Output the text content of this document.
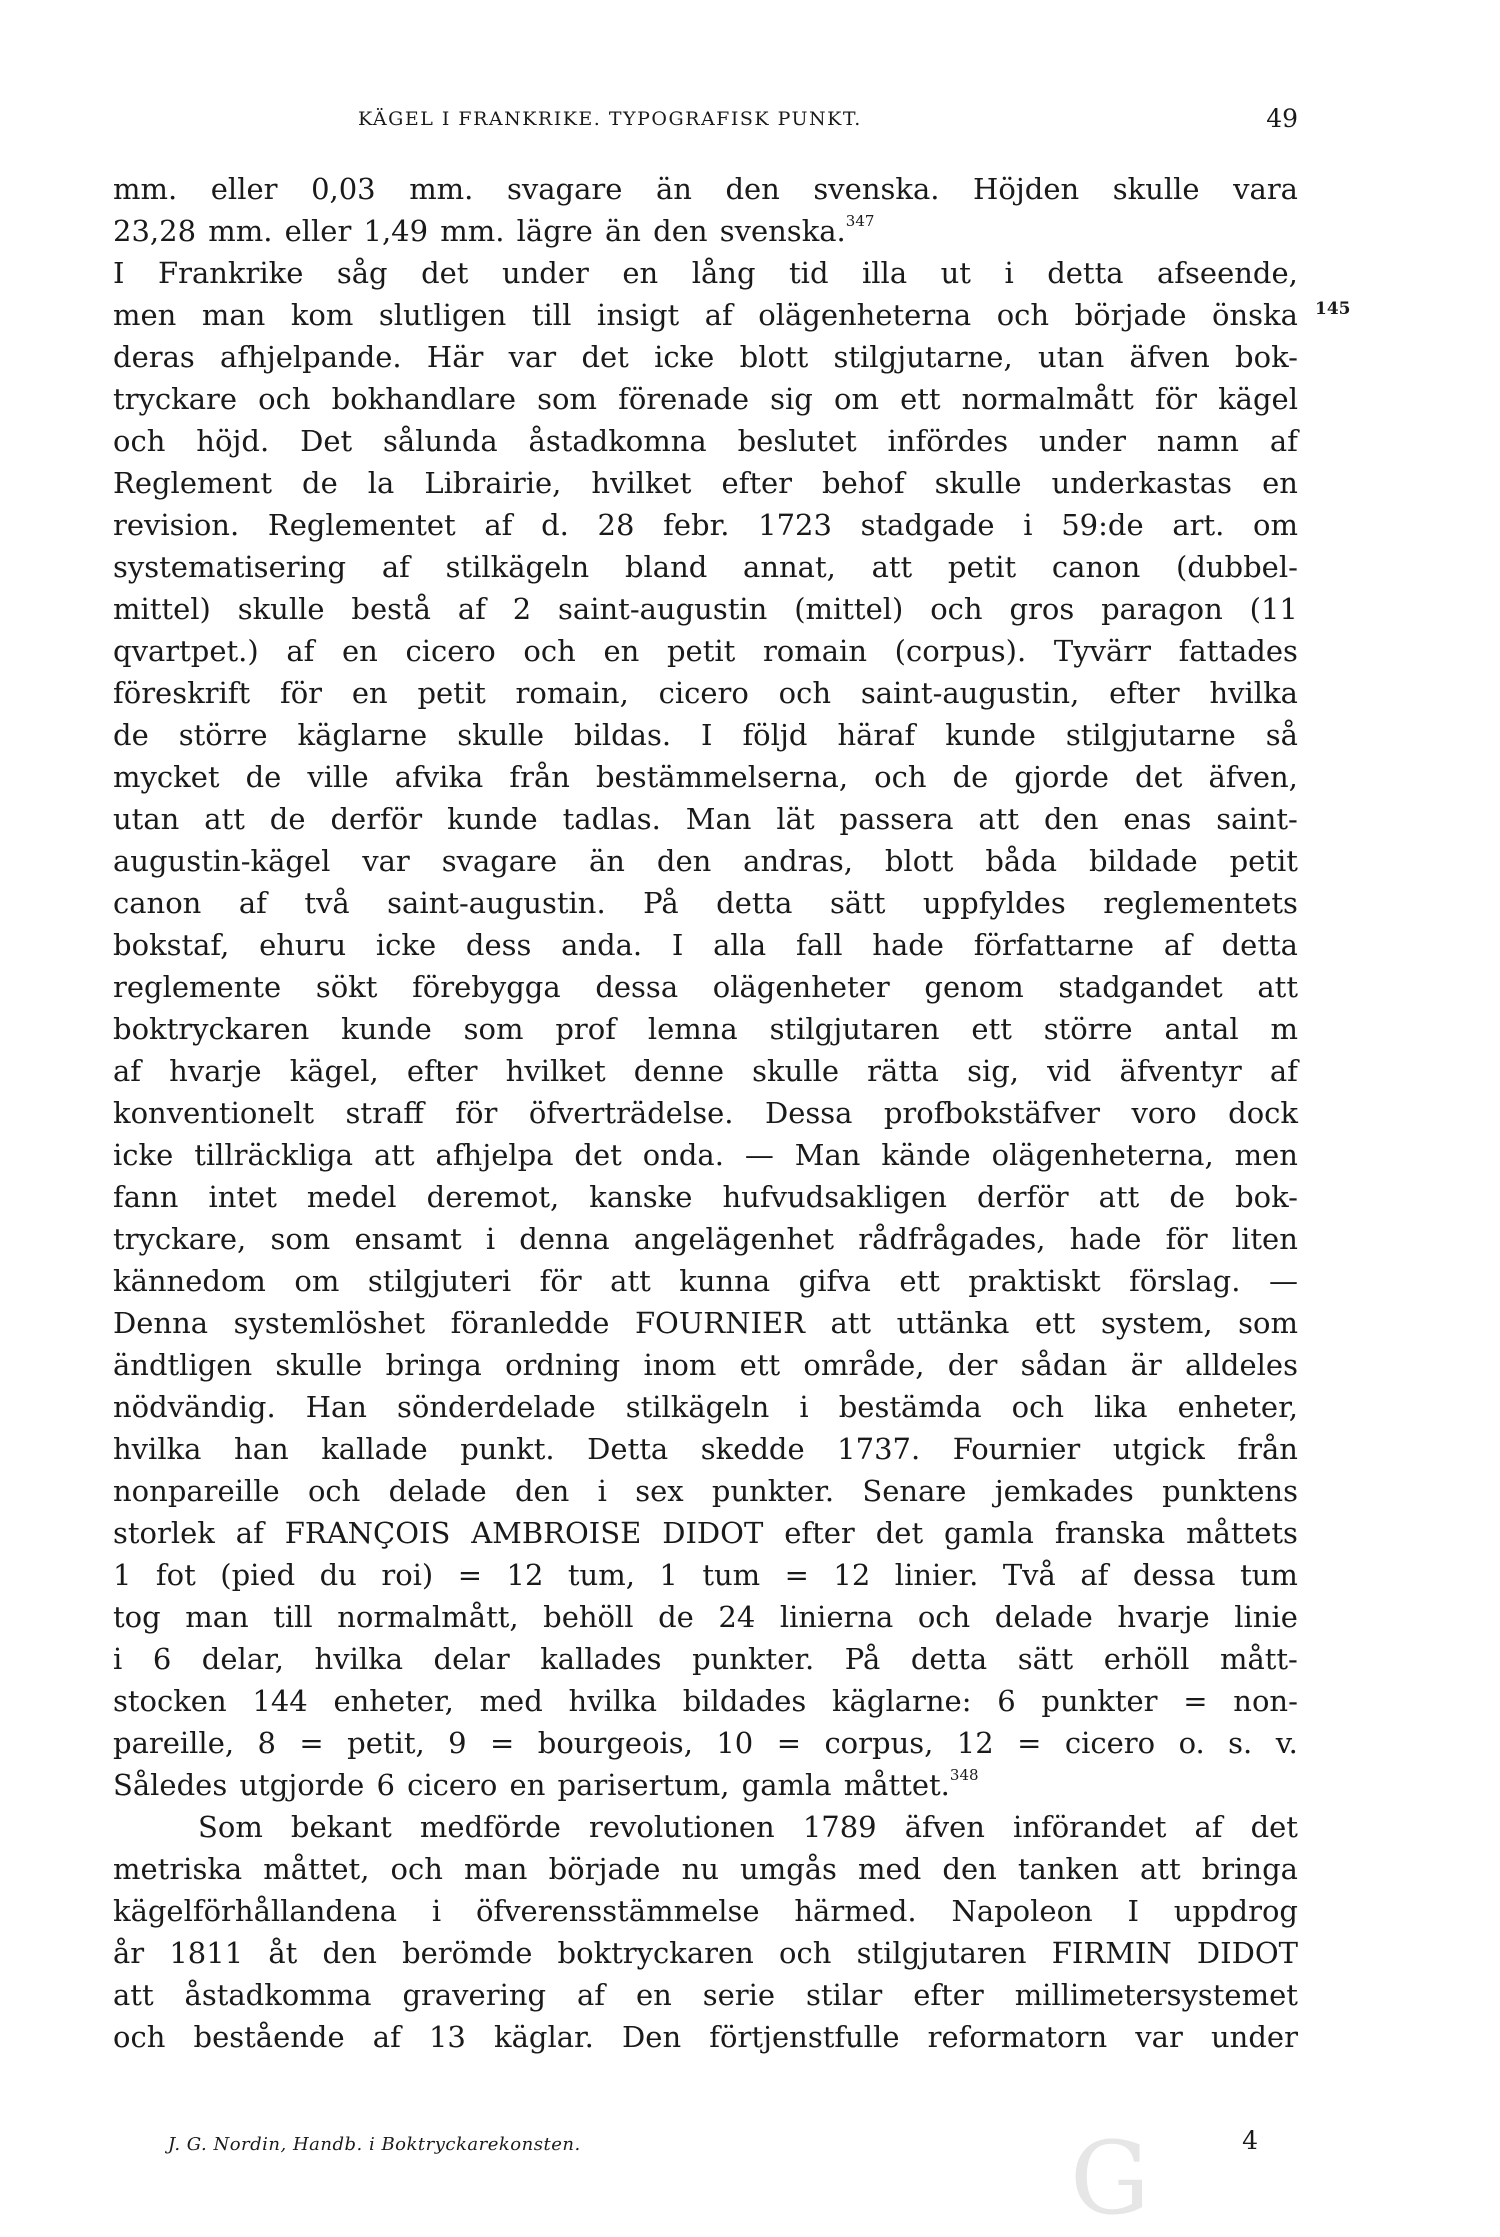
KÄGEL I FRANKRIKE. TYPOGRAFISK PUNKT.	49
145
mm. eller 0,03 mm. svagare än den svenska. Höjden skulle vara
23,28 mm. eller 1,49 mm. lägre än den svenska.$^{347}$
I Frankrike såg det under en lång tid illa ut i detta afseende,
men man kom slutligen till insigt af olägenheterna och började önska
deras afhjelpande. Här var det icke blott stilgjutarne, utan äfven bok-
tryckare och bokhandlare som förenade sig om ett normalmått för kägel
och höjd. Det sålunda åstadkomna beslutet infördes under namn af
Reglement de la Librairie, hvilket efter behof skulle underkastas en
revision. Reglementet af d. 28 febr. 1723 stadgade i 59:de art. om
systematisering af stilkägeln bland annat, att petit canon (dubbel-
mittel) skulle bestå af 2 saint-augustin (mittel) och gros paragon (11
qvartpet.) af en cicero och en petit romain (corpus). Tyvärr fattades
föreskrift för en petit romain, cicero och saint-augustin, efter hvilka
de större käglarne skulle bildas. I följd häraf kunde stilgjutarne så
mycket de ville afvika från bestämmelserna, och de gjorde det äfven,
utan att de derför kunde tadlas. Man lät passera att den enas saint-
augustin-kägel var svagare än den andras, blott båda bildade petit
canon af två saint-augustin. På detta sätt uppfyldes reglementets
bokstaf, ehuru icke dess anda. I alla fall hade författarne af detta
reglemente sökt förebygga dessa olägenheter genom stadgandet att
boktryckaren kunde som prof lemna stilgjutaren ett större antal m
af hvarje kägel, efter hvilket denne skulle rätta sig, vid äfventyr af
konventionelt straff för öfverträdelse. Dessa profbokstäfver voro dock
icke tillräckliga att afhjelpa det onda. — Man kände olägenheterna, men
fann intet medel deremot, kanske hufvudsakligen derför att de bok-
tryckare, som ensamt i denna angelägenhet rådfrågades, hade för liten
kännedom om stilgjuteri för att kunna gifva ett praktiskt förslag. —
Denna systemlöshet föranledde FOURNIER att uttänka ett system, som
ändtligen skulle bringa ordning inom ett område, der sådan är alldeles
nödvändig. Han sönderdelade stilkägeln i bestämda och lika enheter,
hvilka han kallade punkt. Detta skedde 1737. Fournier utgick från
nonpareille och delade den i sex punkter. Senare jemkades punktens
storlek af FRANÇOIS AMBROISE DIDOT efter det gamla franska måttets
1 fot (pied du roi) = 12 tum, 1 tum = 12 linier. Två af dessa tum
tog man till normalmått, behöll de 24 linierna och delade hvarje linie
i 6 delar, hvilka delar kallades punkter. På detta sätt erhöll mått-
stocken 144 enheter, med hvilka bildades käglarne: 6 punkter = non-
pareille, 8 = petit, 9 = bourgeois, 10 = corpus, 12 = cicero o. s. v.
Således utgjorde 6 cicero en parisertum, gamla måttet.$^{348}$
Som bekant medförde revolutionen 1789 äfven införandet af det
metriska måttet, och man började nu umgås med den tanken att bringa
kägelförhållandena i öfverensstämmelse härmed. Napoleon I uppdrog
år 1811 åt den berömde boktryckaren och stilgjutaren FIRMIN DIDOT
att åstadkomma gravering af en serie stilar efter millimetersystemet
och bestående af 13 käglar. Den förtjenstfulle reformatorn var under
J. G. Nordin, Handb. i Boktryckarekonsten.	4
G
